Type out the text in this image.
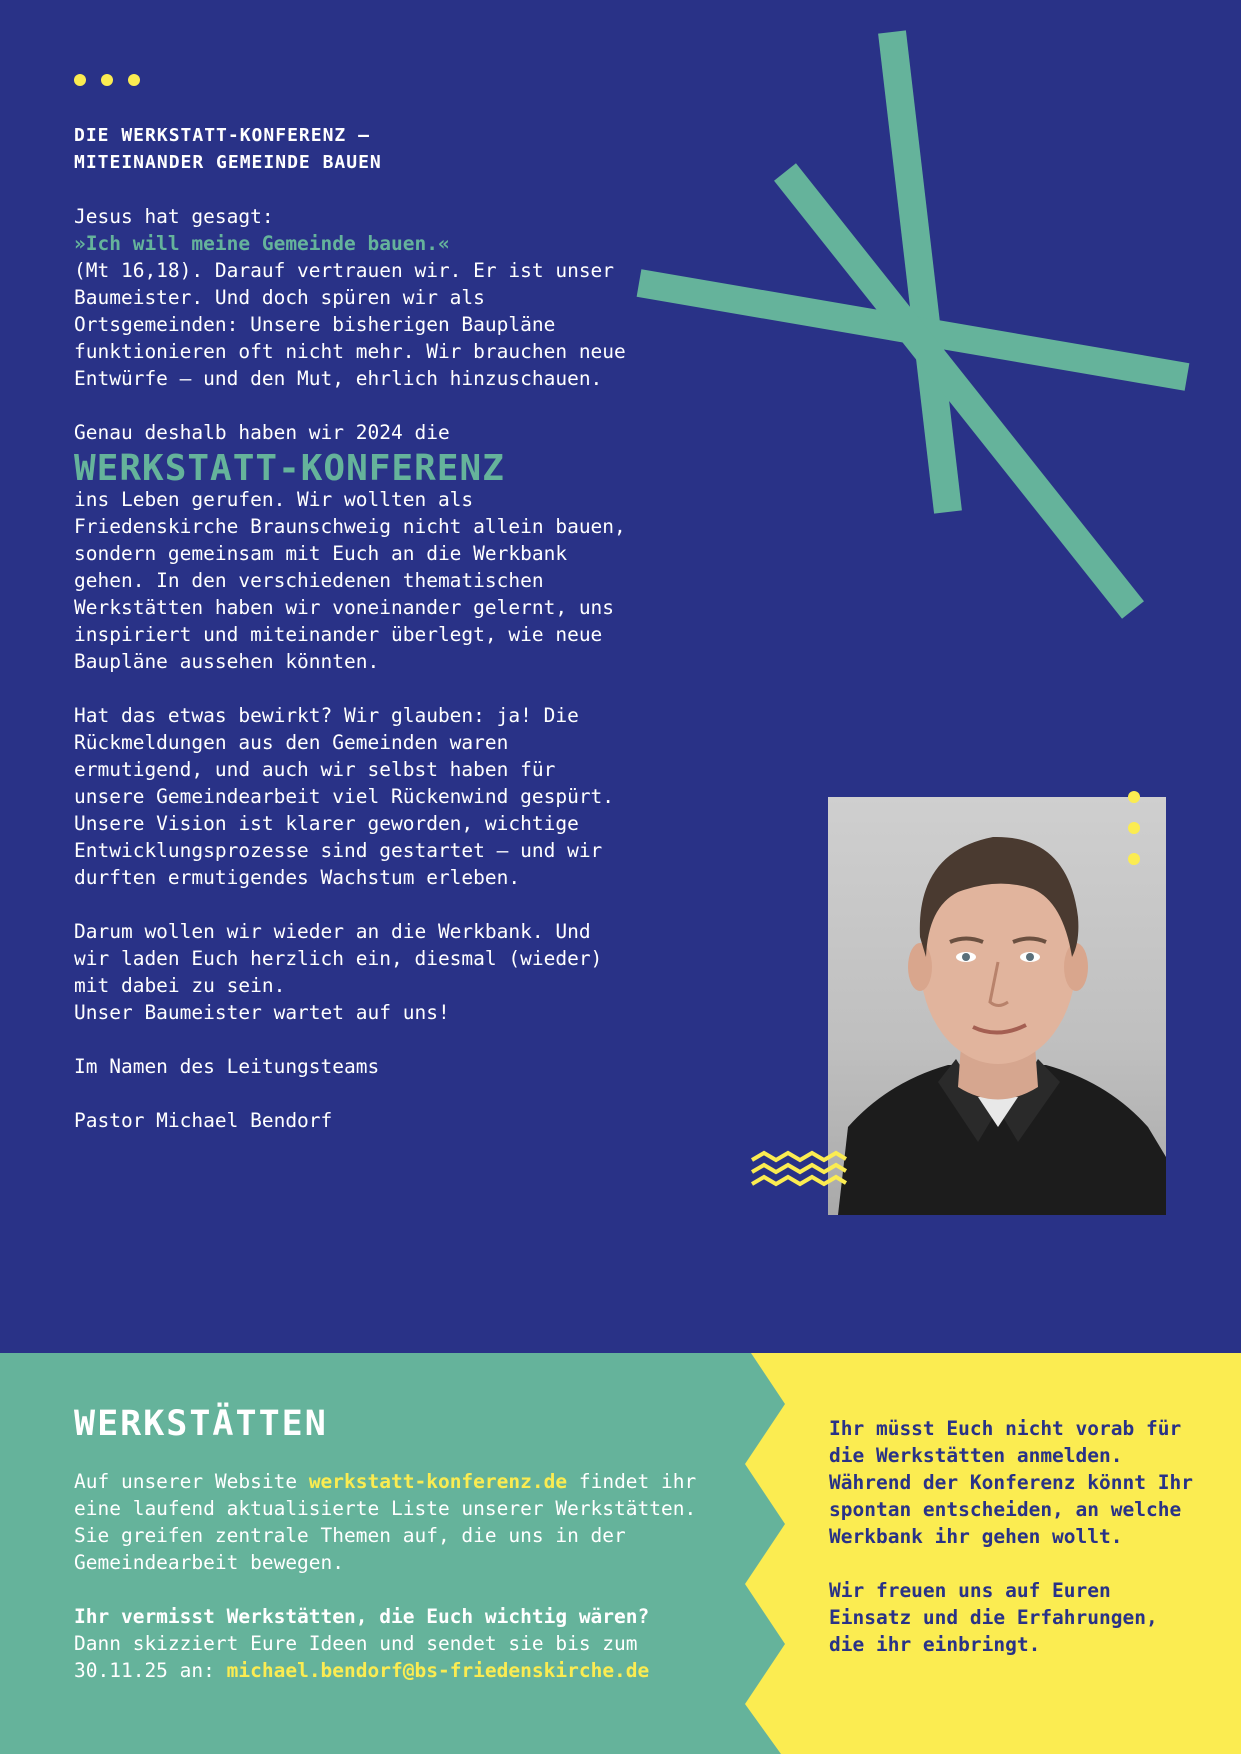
DIE WERKSTATT-KONFERENZ –
MITEINANDER GEMEINDE BAUEN

Jesus hat gesagt:
»Ich will meine Gemeinde bauen.«
(Mt 16,18). Darauf vertrauen wir. Er ist unser Baumeister. Und doch spüren wir als Ortsgemeinden: Unsere bisherigen Baupläne funktionieren oft nicht mehr. Wir brauchen neue Entwürfe – und den Mut, ehrlich hinzuschauen.

Genau deshalb haben wir 2024 die

WERKSTATT-KONFERENZ
ins Leben gerufen. Wir wollten als Friedenskirche Braunschweig nicht allein bauen, sondern gemeinsam mit Euch an die Werkbank gehen. In den verschiedenen thematischen Werkstätten haben wir voneinander gelernt, uns inspiriert und miteinander überlegt, wie neue Baupläne aussehen könnten.

Hat das etwas bewirkt? Wir glauben: ja! Die Rückmeldungen aus den Gemeinden waren ermutigend, und auch wir selbst haben für unsere Gemeindearbeit viel Rückenwind gespürt. Unsere Vision ist klarer geworden, wichtige Entwicklungsprozesse sind gestartet – und wir durften ermutigendes Wachstum erleben.

Darum wollen wir wieder an die Werkbank. Und wir laden Euch herzlich ein, diesmal (wieder) mit dabei zu sein.
Unser Baumeister wartet auf uns!

Im Namen des Leitungsteams

Pastor Michael Bendorf

WERKSTÄTTEN

Auf unserer Website werkstatt-konferenz.de findet ihr eine laufend aktualisierte Liste unserer Werkstätten. Sie greifen zentrale Themen auf, die uns in der Gemeindearbeit bewegen.

Ihr vermisst Werkstätten, die Euch wichtig wären?
Dann skizziert Eure Ideen und sendet sie bis zum 30.11.25 an: michael.bendorf@bs-friedenskirche.de

Ihr müsst Euch nicht vorab für die Werkstätten anmelden. Während der Konferenz könnt Ihr spontan entscheiden, an welche Werkbank ihr gehen wollt.

Wir freuen uns auf Euren Einsatz und die Erfahrungen, die ihr einbringt.
